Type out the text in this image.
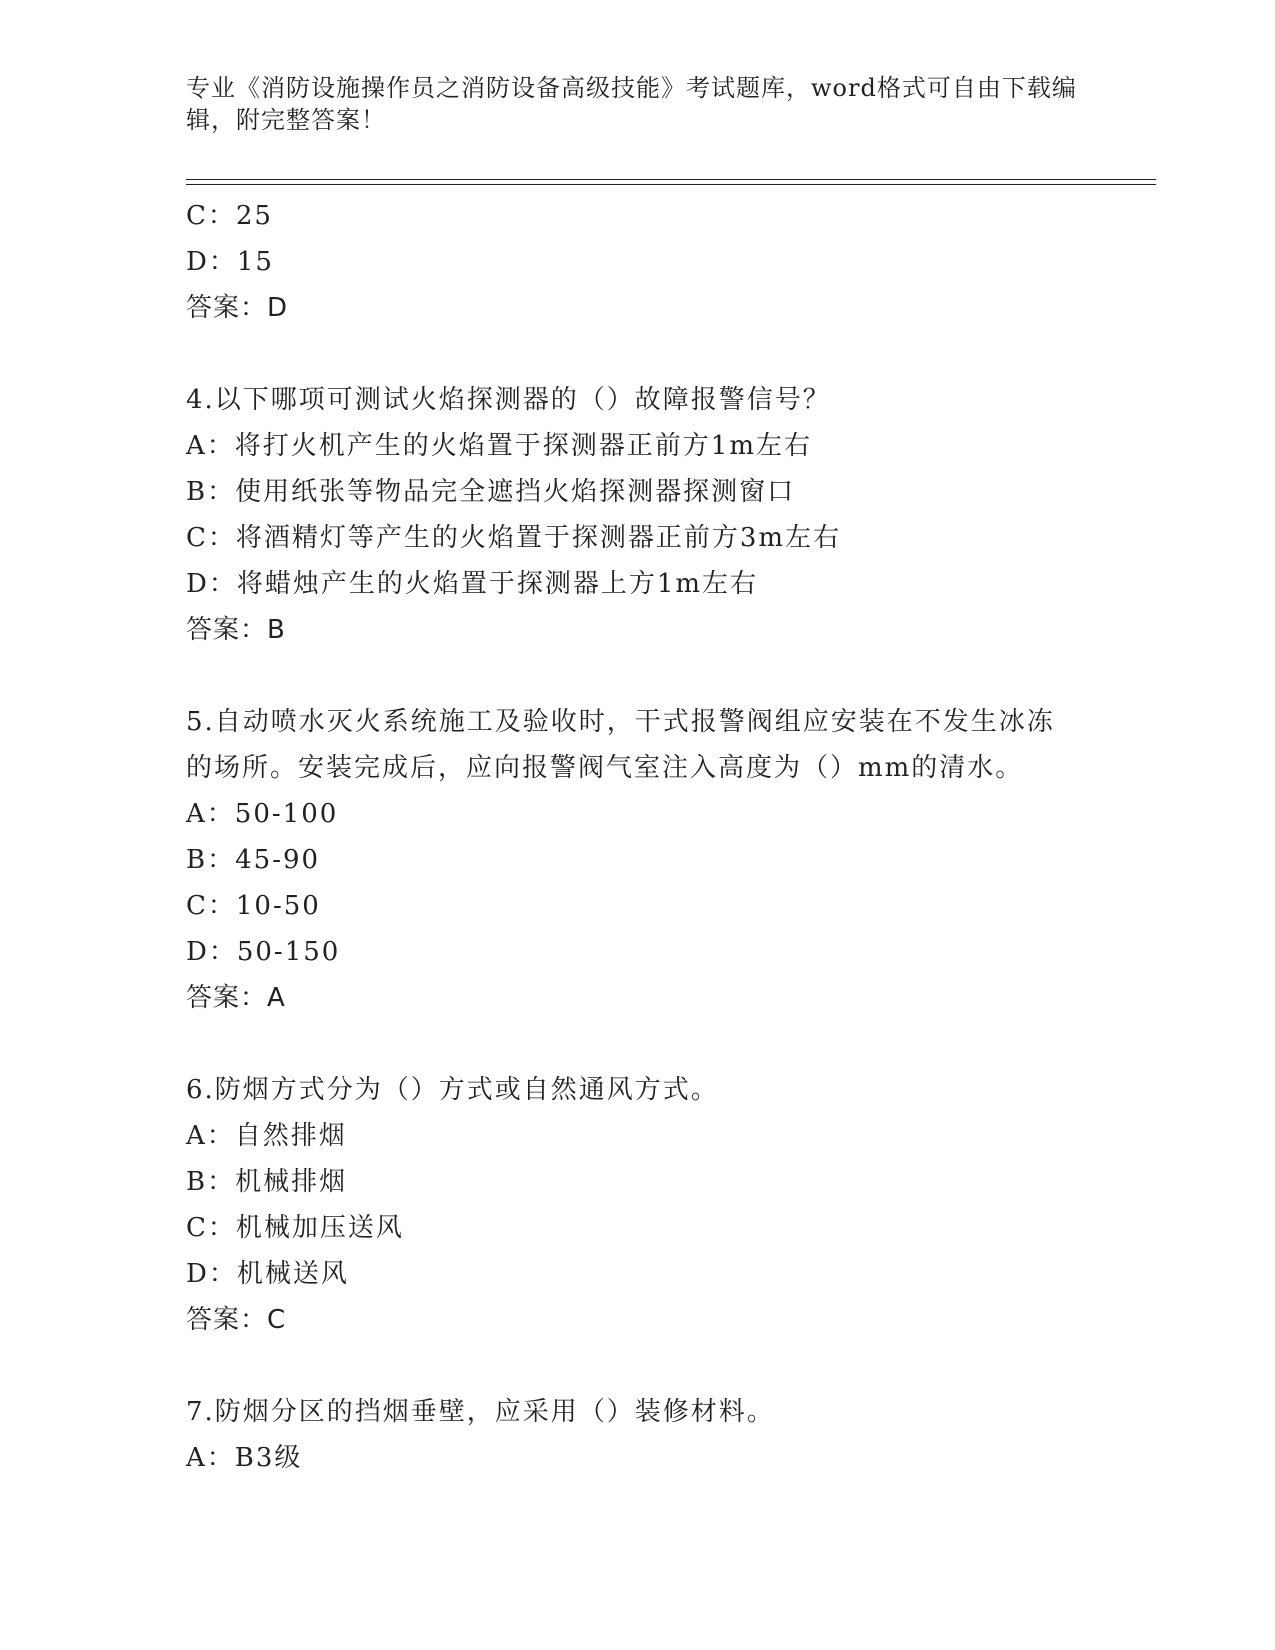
专业《消防设施操作员之消防设备高级技能》考试题库，word格式可自由下载编辑，附完整答案！
C：25
D：15
答案：D
4.以下哪项可测试火焰探测器的（）故障报警信号？
A：将打火机产生的火焰置于探测器正前方1m左右
B：使用纸张等物品完全遮挡火焰探测器探测窗口
C：将酒精灯等产生的火焰置于探测器正前方3m左右
D：将蜡烛产生的火焰置于探测器上方1m左右
答案：B
5.自动喷水灭火系统施工及验收时，干式报警阀组应安装在不发生冰冻的场所。安装完成后，应向报警阀气室注入高度为（）mm的清水。
A：50-100
B：45-90
C：10-50
D：50-150
答案：A
6.防烟方式分为（）方式或自然通风方式。
A：自然排烟
B：机械排烟
C：机械加压送风
D：机械送风
答案：C
7.防烟分区的挡烟垂壁，应采用（）装修材料。
A：B3级
